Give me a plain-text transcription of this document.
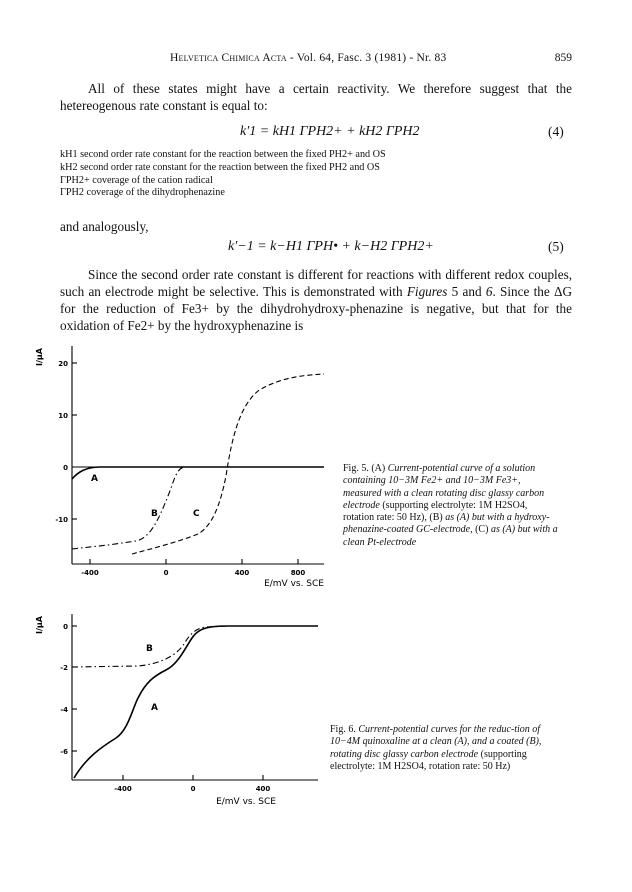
Helvetica Chimica Acta - Vol. 64, Fasc. 3 (1981) - Nr. 83	859
All of these states might have a certain reactivity. We therefore suggest that the hetereogenous rate constant is equal to:
k′1 = kH1 ΓPH2+ + kH2 ΓPH2	(4)
kH1 second order rate constant for the reaction between the fixed PH2+ and OS
kH2 second order rate constant for the reaction between the fixed PH2 and OS
ΓPH2+ coverage of the cation radical
ΓPH2 coverage of the dihydrophenazine
and analogously,
k′−1 = k−H1 ΓPH• + k−H2 ΓPH2+	(5)
Since the second order rate constant is different for reactions with different redox couples, such an electrode might be selective. This is demonstrated with Figures 5 and 6. Since the ΔG for the reduction of Fe3+ by the dihydrohydroxy-phenazine is negative, but that for the oxidation of Fe2+ by the hydroxyphenazine is
I/µA 20
10
0
-10
-400	0	400	800
E/mV vs. SCE
A
B	C
Fig. 5. (A) Current-potential curve of a solution containing 10−3M Fe2+ and 10−3M Fe3+, measured with a clean rotating disc glassy carbon electrode (supporting electrolyte: 1M H2SO4, rotation rate: 50 Hz), (B) as (A) but with a hydroxy-phenazine-coated GC-electrode, (C) as (A) but with a clean Pt-electrode
I/µA	0
-2
-4
-6
-400	0	400
E/mV vs. SCE
B
A
Fig. 6. Current-potential curves for the reduc-tion of 10−4M quinoxaline at a clean (A), and a coated (B), rotating disc glassy carbon electrode (supporting electrolyte: 1M H2SO4, rotation rate: 50 Hz)
